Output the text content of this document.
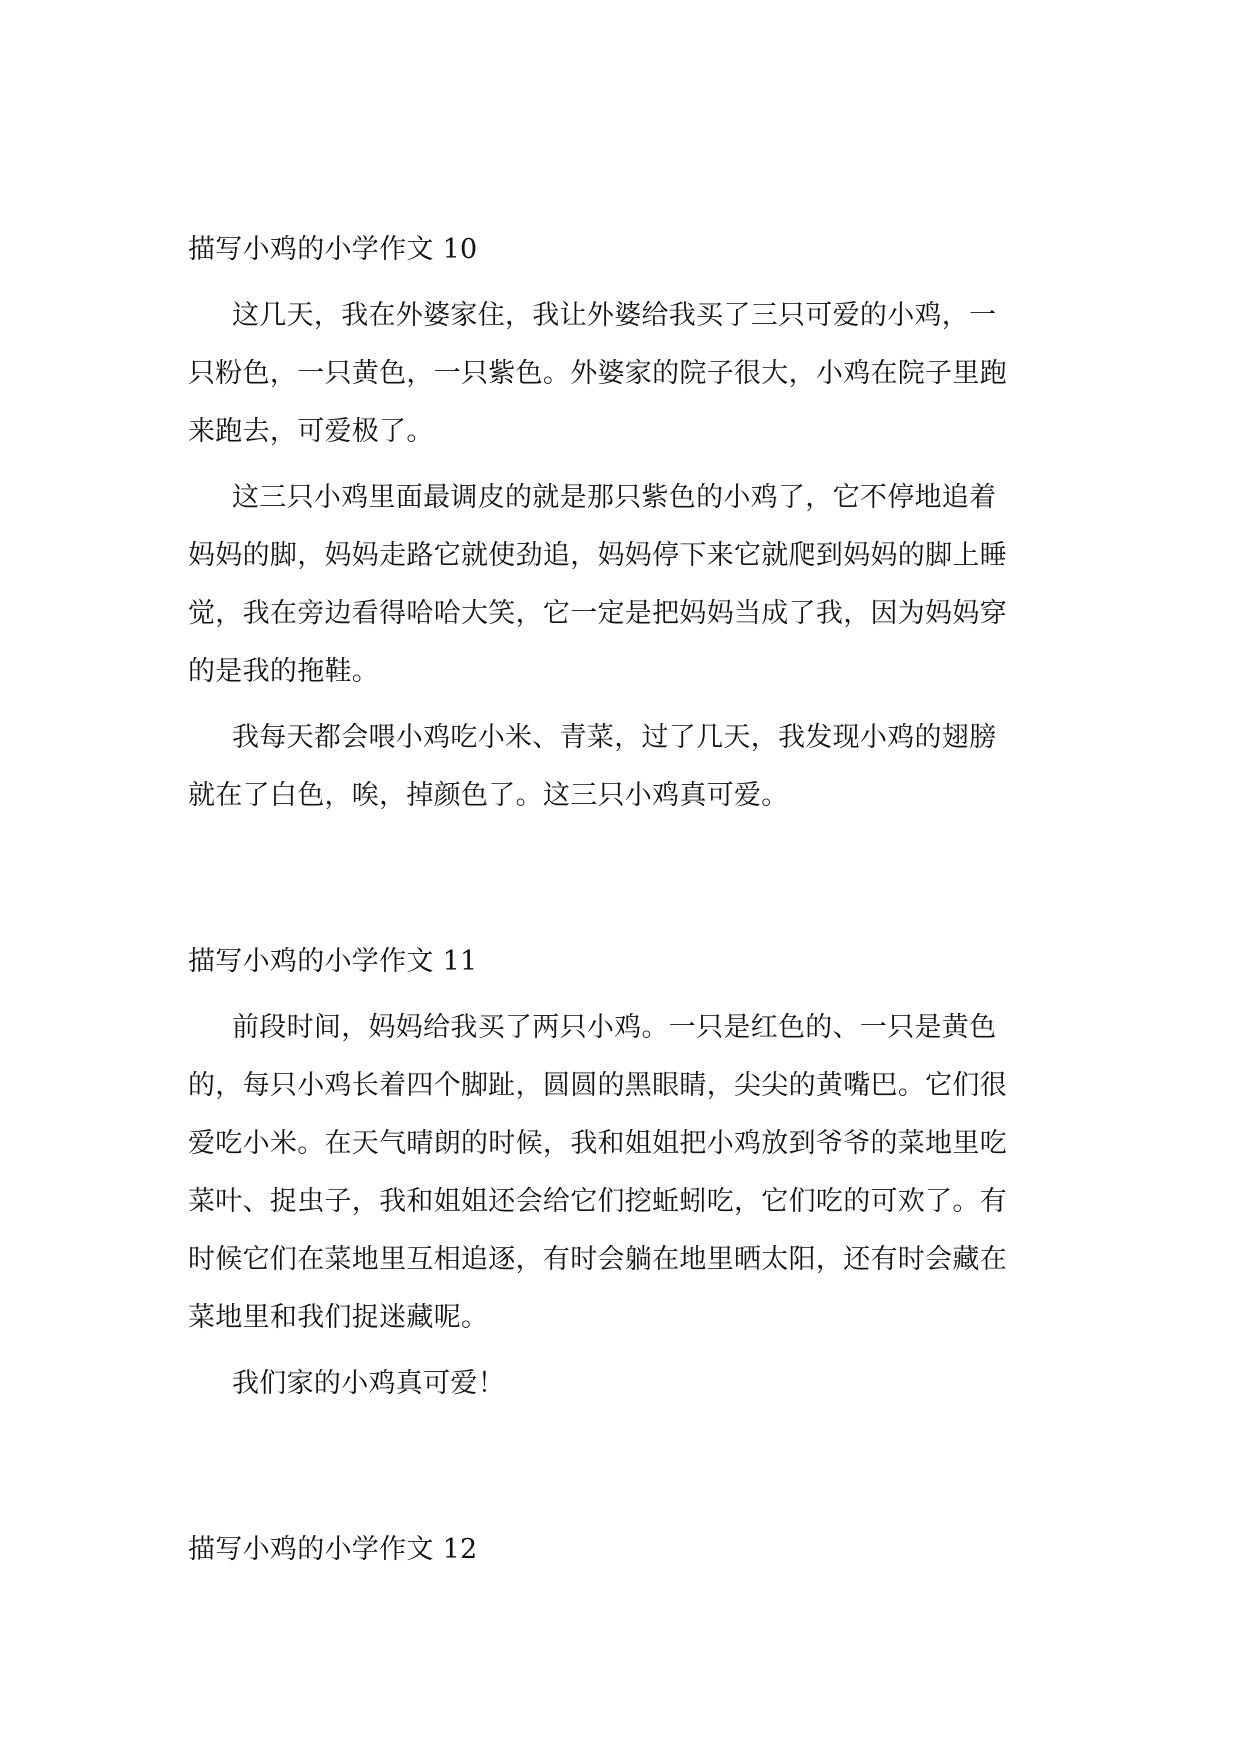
描写小鸡的小学作文 10
这几天，我在外婆家住，我让外婆给我买了三只可爱的小鸡，一
只粉色，一只黄色，一只紫色。外婆家的院子很大，小鸡在院子里跑
来跑去，可爱极了。
这三只小鸡里面最调皮的就是那只紫色的小鸡了，它不停地追着
妈妈的脚，妈妈走路它就使劲追，妈妈停下来它就爬到妈妈的脚上睡
觉，我在旁边看得哈哈大笑，它一定是把妈妈当成了我，因为妈妈穿
的是我的拖鞋。
我每天都会喂小鸡吃小米、青菜，过了几天，我发现小鸡的翅膀
就在了白色，唉，掉颜色了。这三只小鸡真可爱。
描写小鸡的小学作文 11
前段时间，妈妈给我买了两只小鸡。一只是红色的、一只是黄色
的，每只小鸡长着四个脚趾，圆圆的黑眼睛，尖尖的黄嘴巴。它们很
爱吃小米。在天气晴朗的时候，我和姐姐把小鸡放到爷爷的菜地里吃
菜叶、捉虫子，我和姐姐还会给它们挖蚯蚓吃，它们吃的可欢了。有
时候它们在菜地里互相追逐，有时会躺在地里晒太阳，还有时会藏在
菜地里和我们捉迷藏呢。
我们家的小鸡真可爱！
描写小鸡的小学作文 12
